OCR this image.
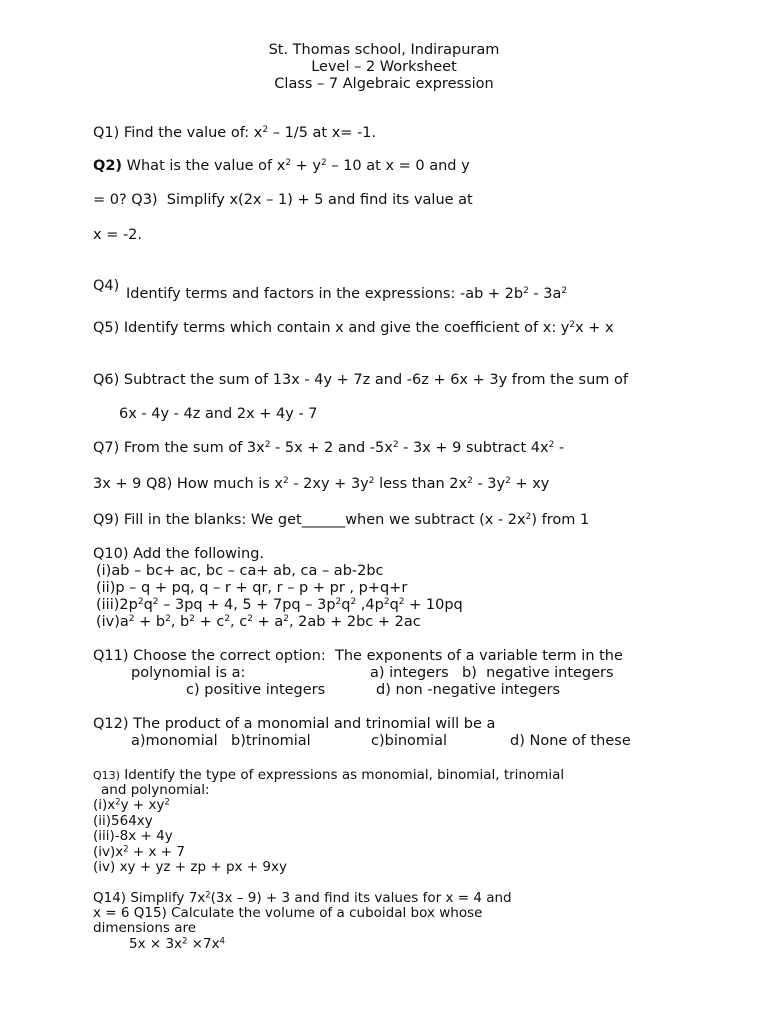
St. Thomas school, Indirapuram
Level – 2 Worksheet
Class – 7 Algebraic expression
Q1) Find the value of: $x^2 - 1/5$ at x= -1.
Q2) What is the value of $x^2 + y^2 - 10$ at x = 0 and y
= 0? Q3)  Simplify x(2x – 1) + 5 and find its value at
x = -2.
Q4) Identify terms and factors in the expressions: $-ab + 2b^2 - 3a^2$
Q5) Identify terms which contain x and give the coefficient of x: $y^2x + x$
Q6) Subtract the sum of 13x - 4y + 7z and -6z + 6x + 3y from the sum of
6x - 4y - 4z and 2x + 4y - 7
Q7) From the sum of $3x^2 - 5x + 2$ and $-5x^2 - 3x + 9$ subtract $4x^2$ -
3x + 9 Q8) How much is $x^2 - 2xy + 3y^2$ less than $2x^2 - 3y^2$ + xy
Q9) Fill in the blanks: We get______when we subtract $(x - 2x^2)$ from 1
Q10) Add the following.
(i)ab – bc+ ac, bc – ca+ ab, ca – ab-2bc
(ii)p – q + pq, q – r + qr, r – p + pr , p+q+r
$(iii)2p^2q^2 - 3pq + 4$, $5 + 7pq - 3p^2q^2$ $,4p^2q^2 + 10pq$
$(iv)a^2 + b^2$, $b^2 + c^2$, $c^2 + a^2$, 2ab + 2bc + 2ac
Q11) Choose the correct option:  The exponents of a variable term in the
polynomial is a:	a) integers b)  negative integers
c) positive integers	d) non -negative integers
Q12) The product of a monomial and trinomial will be a
a)monomial b)trinomial	c)binomial	d) None of these
Q13) Identify the type of expressions as monomial, binomial, trinomial
and polynomial:
$(i)x^2y + xy^2$
(ii)564xy
(iii)-8x + 4y
$(iv)x^2 + x + 7$
(iv) xy + yz + zp + px + 9xy
Q14) Simplify $7x^2(3x - 9) + 3$ and find its values for x = 4 and
x = 6 Q15) Calculate the volume of a cuboidal box whose
dimensions are
$5x \times 3x^2 \times 7x^4$
